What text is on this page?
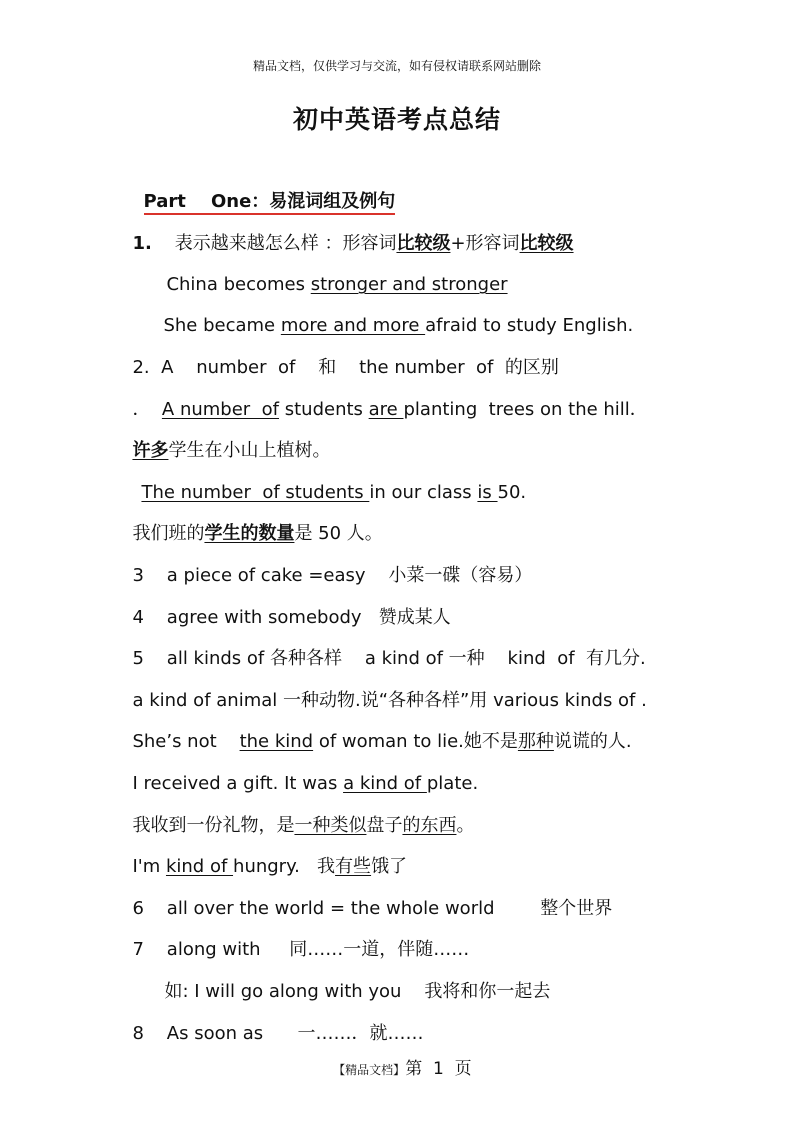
精品文档，仅供学习与交流，如有侵权请联系网站删除
初中英语考点总结

Part    One：易混词组及例句

1. 表示越来越怎么样 ：形容词比较级+形容词比较级

China becomes stronger and stronger

She became more and more afraid to study English.

2.  A    number  of    和    the number  of  的区别

．  A number  of students are planting  trees on the hill．

许多学生在小山上植树。

The number  of students in our class is 50.

我们班的学生的数量是 50 人。

3    a piece of cake =easy    小菜一碟（容易）

4    agree with somebody   赞成某人

5    all kinds of 各种各样    a kind of 一种    kind  of  有几分.

a kind of animal 一种动物.说“各种各样”用 various kinds of .

She’s not    the kind of woman to lie.她不是那种说谎的人.

I received a gift. It was a kind of plate.

我收到一份礼物，是一种类似盘子的东西。

I'm kind of hungry.   我有些饿了

6    all over the world = the whole world        整个世界

7    along with     同……一道，伴随……

如: I will go along with you    我将和你一起去

8    As soon as      一……．就……

【精品文档】第  1  页
